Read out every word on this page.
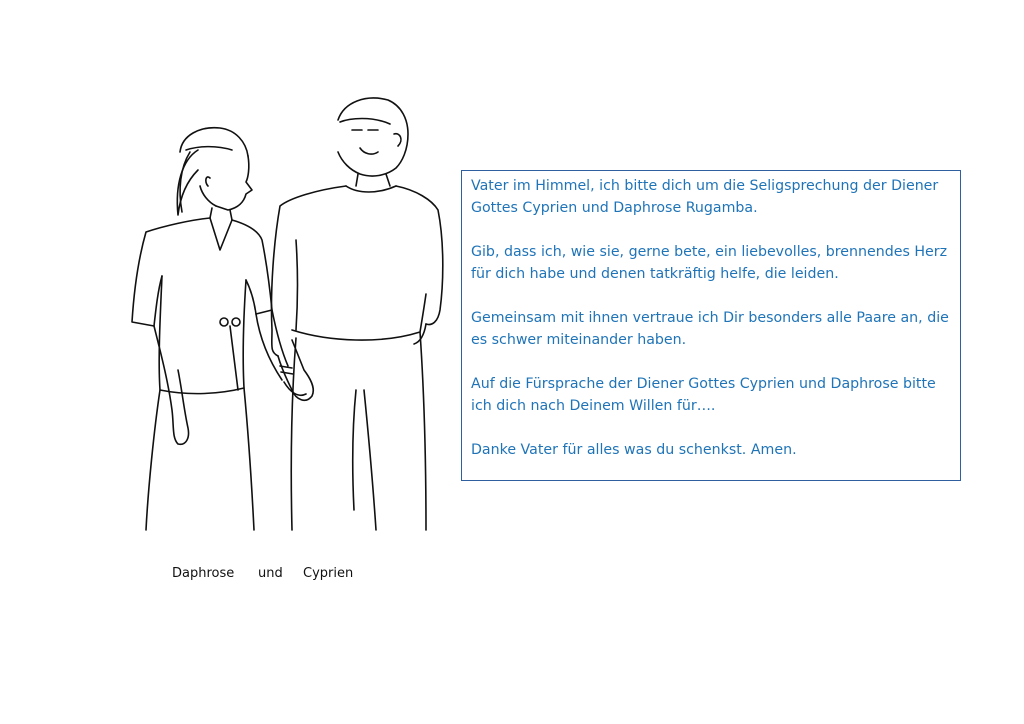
Daphrose und Cyprien

Vater im Himmel, ich bitte dich um die Seligsprechung der Diener Gottes Cyprien und Daphrose Rugamba.

Gib, dass ich, wie sie, gerne bete, ein liebevolles, brennendes Herz für dich habe und denen tatkräftig helfe, die leiden.

Gemeinsam mit ihnen vertraue ich Dir besonders alle Paare an, die es schwer miteinander haben.

Auf die Fürsprache der Diener Gottes Cyprien und Daphrose bitte ich dich nach Deinem Willen für….

Danke Vater für alles was du schenkst. Amen.
